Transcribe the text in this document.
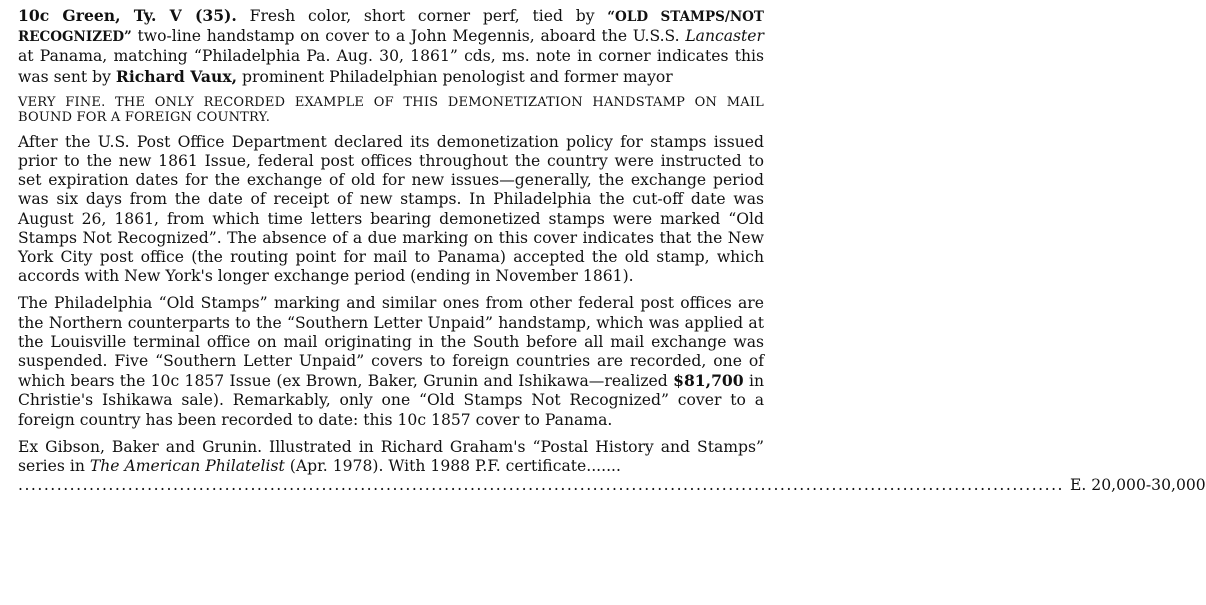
10c Green, Ty. V (35). Fresh color, short corner perf, tied by “OLD STAMPS/NOT RECOGNIZED” two-line handstamp on cover to a John Megennis, aboard the U.S.S. Lancaster at Panama, matching “Philadelphia Pa. Aug. 30, 1861” cds, ms. note in corner indicates this was sent by Richard Vaux, prominent Philadelphian penologist and former mayor

VERY FINE. THE ONLY RECORDED EXAMPLE OF THIS DEMONETIZATION HANDSTAMP ON MAIL BOUND FOR A FOREIGN COUNTRY.

After the U.S. Post Office Department declared its demonetization policy for stamps issued prior to the new 1861 Issue, federal post offices throughout the country were instructed to set expiration dates for the exchange of old for new issues—generally, the exchange period was six days from the date of receipt of new stamps. In Philadelphia the cut-off date was August 26, 1861, from which time letters bearing demonetized stamps were marked “Old Stamps Not Recognized”. The absence of a due marking on this cover indicates that the New York City post office (the routing point for mail to Panama) accepted the old stamp, which accords with New York's longer exchange period (ending in November 1861).

The Philadelphia “Old Stamps” marking and similar ones from other federal post offices are the Northern counterparts to the “Southern Letter Unpaid” handstamp, which was applied at the Louisville terminal office on mail originating in the South before all mail exchange was suspended. Five “Southern Letter Unpaid” covers to foreign countries are recorded, one of which bears the 10c 1857 Issue (ex Brown, Baker, Grunin and Ishikawa—realized $81,700 in Christie's Ishikawa sale). Remarkably, only one “Old Stamps Not Recognized” cover to a foreign country has been recorded to date: this 10c 1857 cover to Panama.

Ex Gibson, Baker and Grunin. Illustrated in Richard Graham's “Postal History and Stamps” series in The American Philatelist (Apr. 1978). With 1988 P.F. certificate.......

.................................................................................................................................................................. E. 20,000-30,000
